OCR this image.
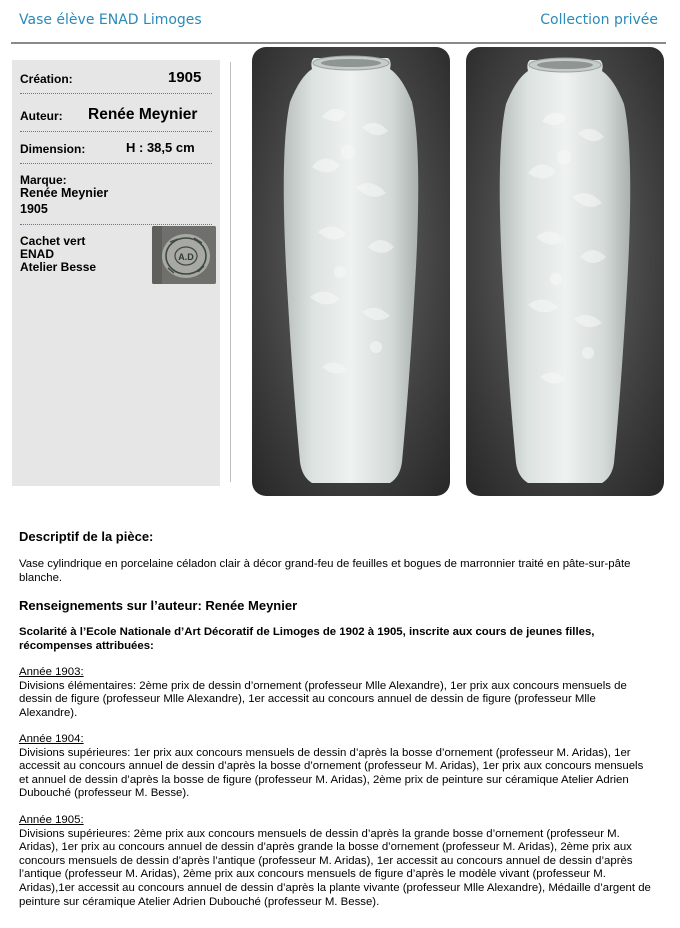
Vase élève ENAD Limoges	Collection privée
Création:	1905
Auteur: Renée Meynier
Dimension:	H : 38,5 cm
Marque:
Renée Meynier
1905
Cachet vert
ENAD
Atelier Besse
A.D
Descriptif de la pièce:
Vase cylindrique en porcelaine céladon clair à décor grand-feu de feuilles et bogues de marronnier traité en pâte-sur-pâte blanche.
Renseignements sur l’auteur: Renée Meynier
Scolarité à l’Ecole Nationale d’Art Décoratif de Limoges de 1902 à 1905, inscrite aux cours de jeunes filles, récompenses attribuées:
Année 1903:
Divisions élémentaires: 2ème prix de dessin d’ornement (professeur Mlle Alexandre), 1er prix aux concours mensuels de dessin de figure (professeur Mlle Alexandre), 1er accessit au concours annuel de dessin de figure (professeur Mlle Alexandre).
Année 1904:
Divisions supérieures: 1er prix aux concours mensuels de dessin d’après la bosse d’ornement (professeur M. Aridas), 1er accessit au concours annuel de dessin d’après la bosse d’ornement (professeur M. Aridas), 1er prix aux concours mensuels et annuel de dessin d’après la bosse de figure (professeur M. Aridas), 2ème prix de peinture sur céramique Atelier Adrien Dubouché (professeur M. Besse).
Année 1905:
Divisions supérieures: 2ème prix aux concours mensuels de dessin d’après la grande bosse d’ornement (professeur M. Aridas), 1er prix au concours annuel de dessin d’après grande la bosse d’ornement (professeur M. Aridas), 2ème prix aux concours mensuels de dessin d’après l’antique (professeur M. Aridas), 1er accessit au concours annuel de dessin d’après l’antique (professeur M. Aridas), 2ème prix aux concours mensuels de figure d’après le modèle vivant (professeur M. Aridas),1er accessit au concours annuel de dessin d’après la plante vivante (professeur Mlle Alexandre), Médaille d’argent de peinture sur céramique Atelier Adrien Dubouché (professeur M. Besse).
